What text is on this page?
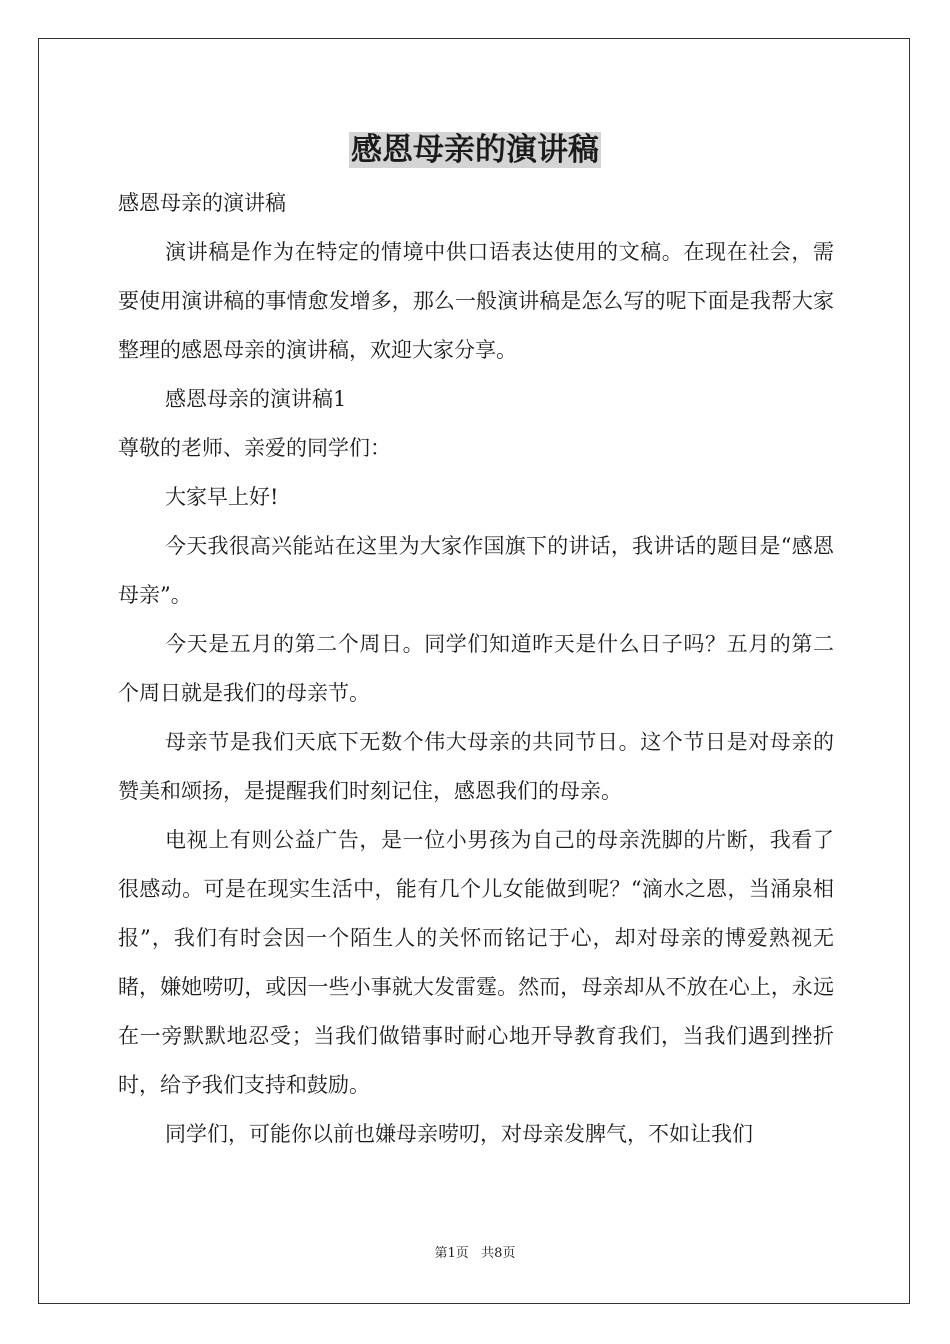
感恩母亲的演讲稿

感恩母亲的演讲稿

演讲稿是作为在特定的情境中供口语表达使用的文稿。在现在社会，需要使用演讲稿的事情愈发增多，那么一般演讲稿是怎么写的呢下面是我帮大家整理的感恩母亲的演讲稿，欢迎大家分享。

感恩母亲的演讲稿1

尊敬的老师、亲爱的同学们：

大家早上好!

今天我很高兴能站在这里为大家作国旗下的讲话，我讲话的题目是“感恩母亲”。

今天是五月的第二个周日。同学们知道昨天是什么日子吗？五月的第二个周日就是我们的母亲节。

母亲节是我们天底下无数个伟大母亲的共同节日。这个节日是对母亲的赞美和颂扬，是提醒我们时刻记住，感恩我们的母亲。

电视上有则公益广告，是一位小男孩为自己的母亲洗脚的片断，我看了很感动。可是在现实生活中，能有几个儿女能做到呢？“滴水之恩，当涌泉相报”，我们有时会因一个陌生人的关怀而铭记于心，却对母亲的博爱熟视无睹，嫌她唠叨，或因一些小事就大发雷霆。然而，母亲却从不放在心上，永远在一旁默默地忍受；当我们做错事时耐心地开导教育我们，当我们遇到挫折时，给予我们支持和鼓励。

同学们，可能你以前也嫌母亲唠叨，对母亲发脾气，不如让我们

第1页   共8页
